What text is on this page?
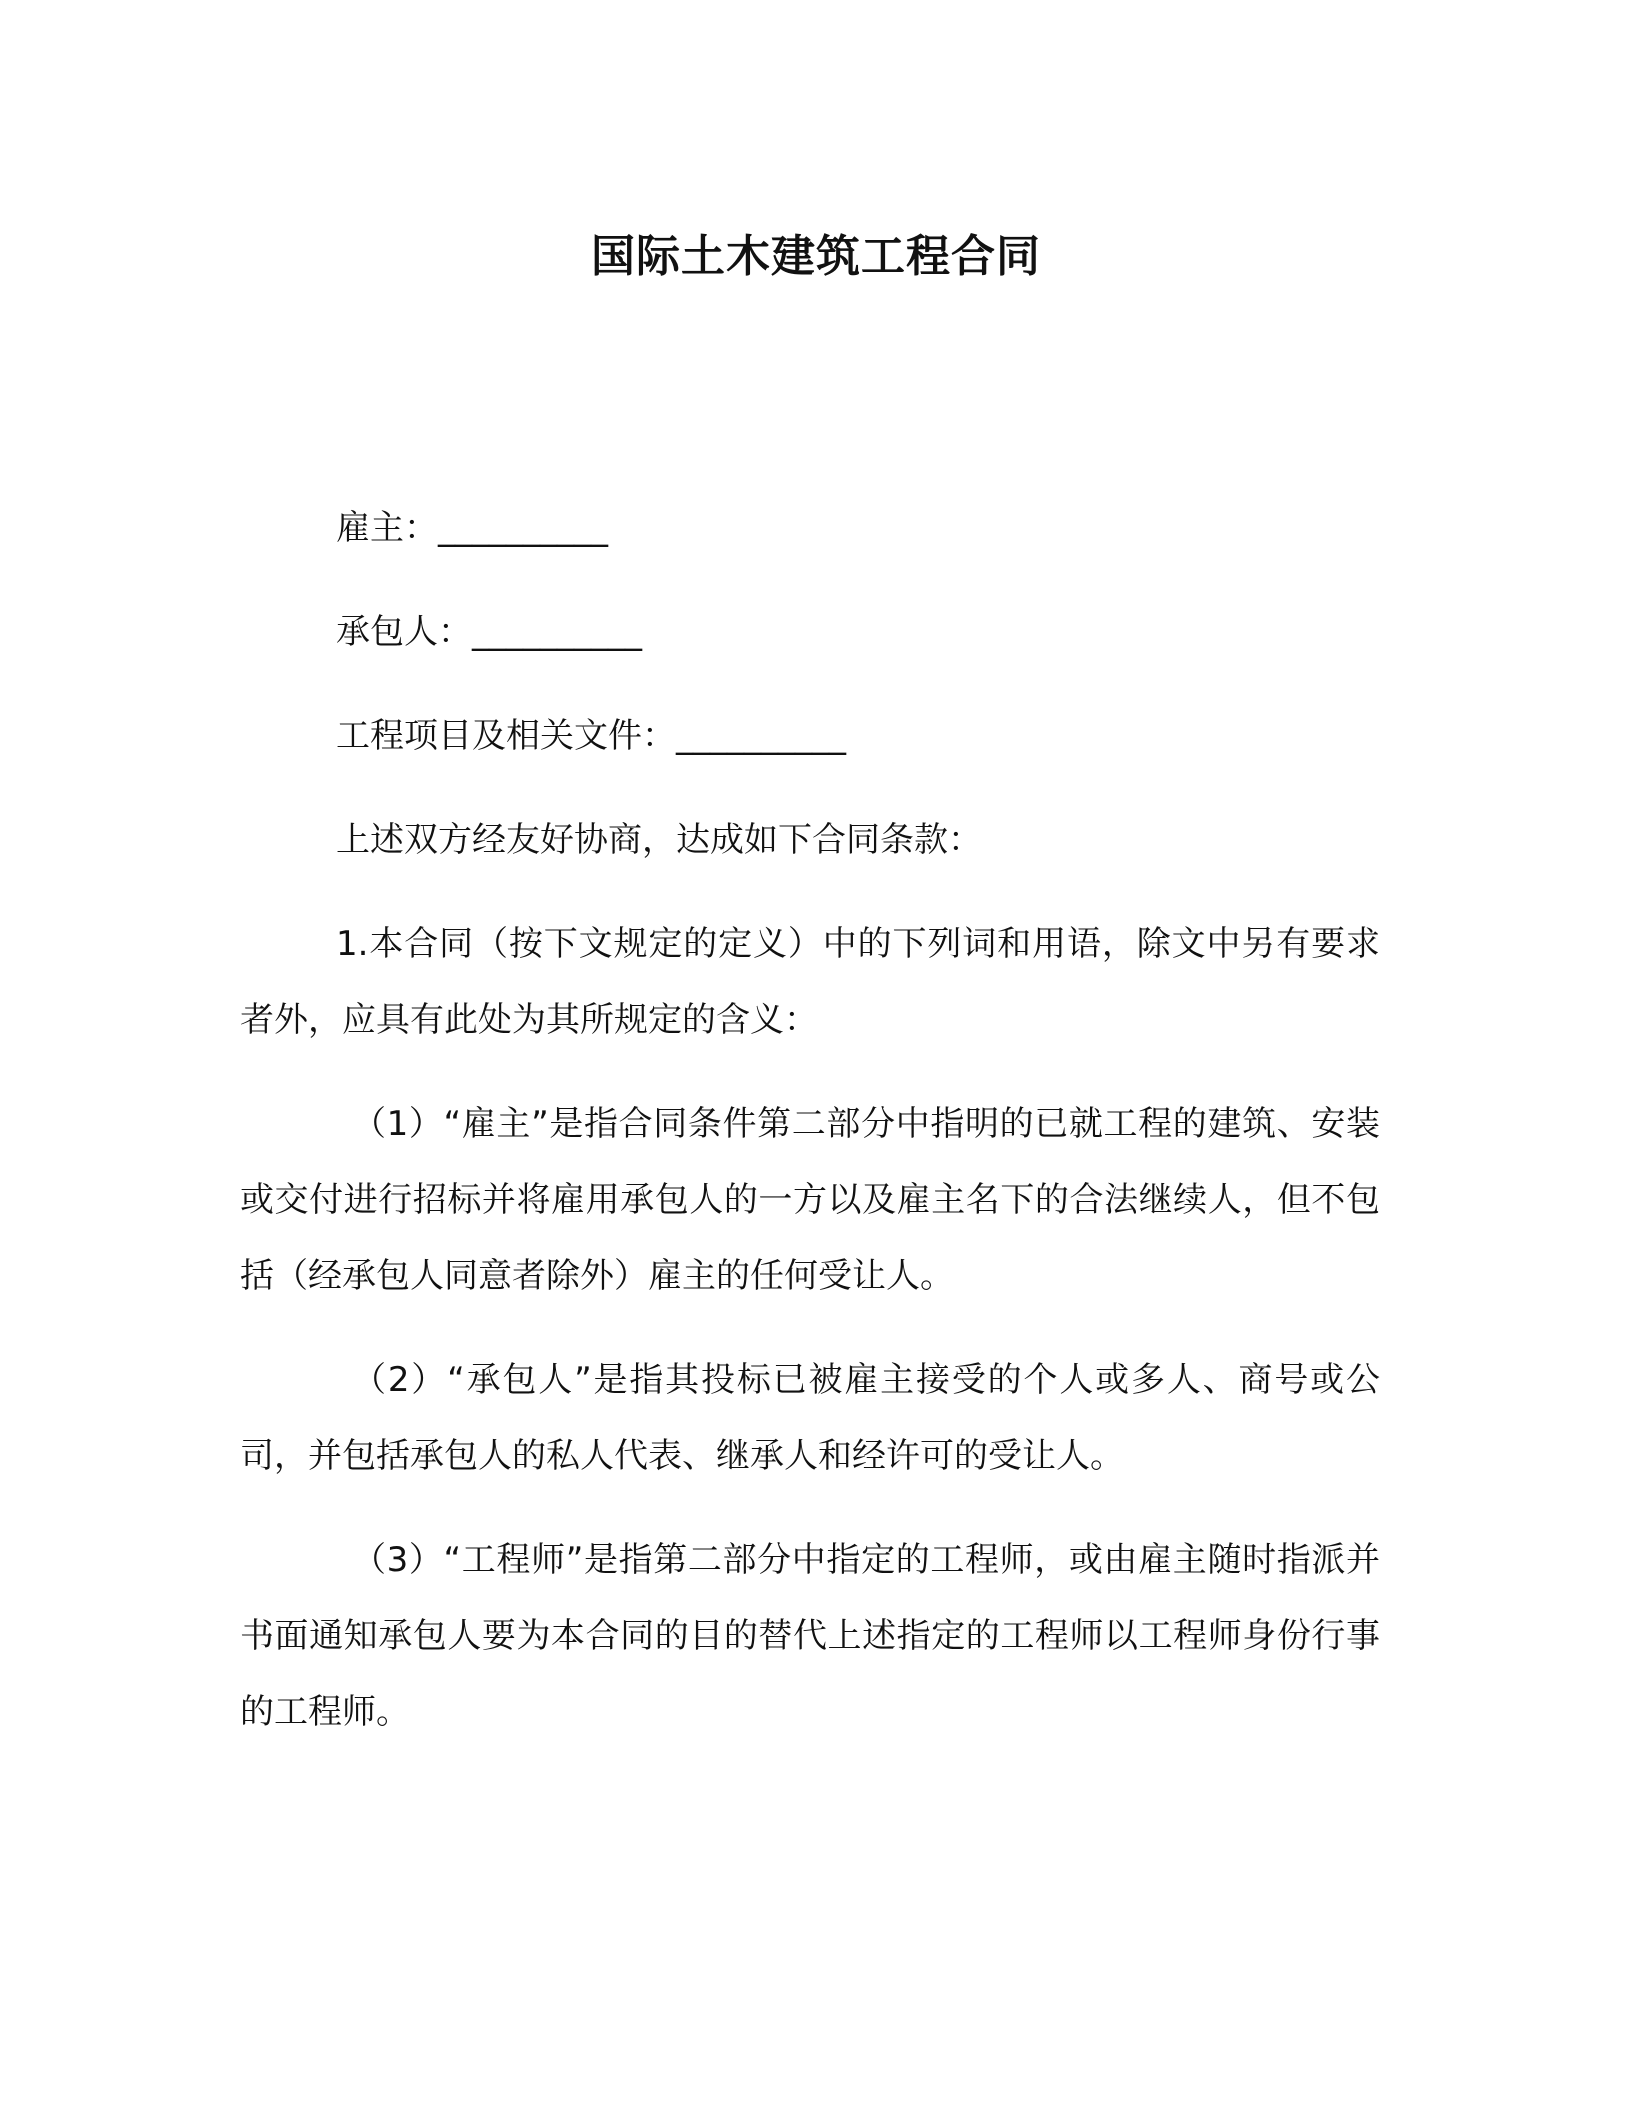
国际土木建筑工程合同

雇主：__________

承包人：__________

工程项目及相关文件：__________

上述双方经友好协商，达成如下合同条款：

1.本合同（按下文规定的定义）中的下列词和用语，除文中另有要求者外，应具有此处为其所规定的含义：

（1）“雇主”是指合同条件第二部分中指明的已就工程的建筑、安装或交付进行招标并将雇用承包人的一方以及雇主名下的合法继续人，但不包括（经承包人同意者除外）雇主的任何受让人。

（2）“承包人”是指其投标已被雇主接受的个人或多人、商号或公司，并包括承包人的私人代表、继承人和经许可的受让人。

（3）“工程师”是指第二部分中指定的工程师，或由雇主随时指派并书面通知承包人要为本合同的目的替代上述指定的工程师以工程师身份行事的工程师。
